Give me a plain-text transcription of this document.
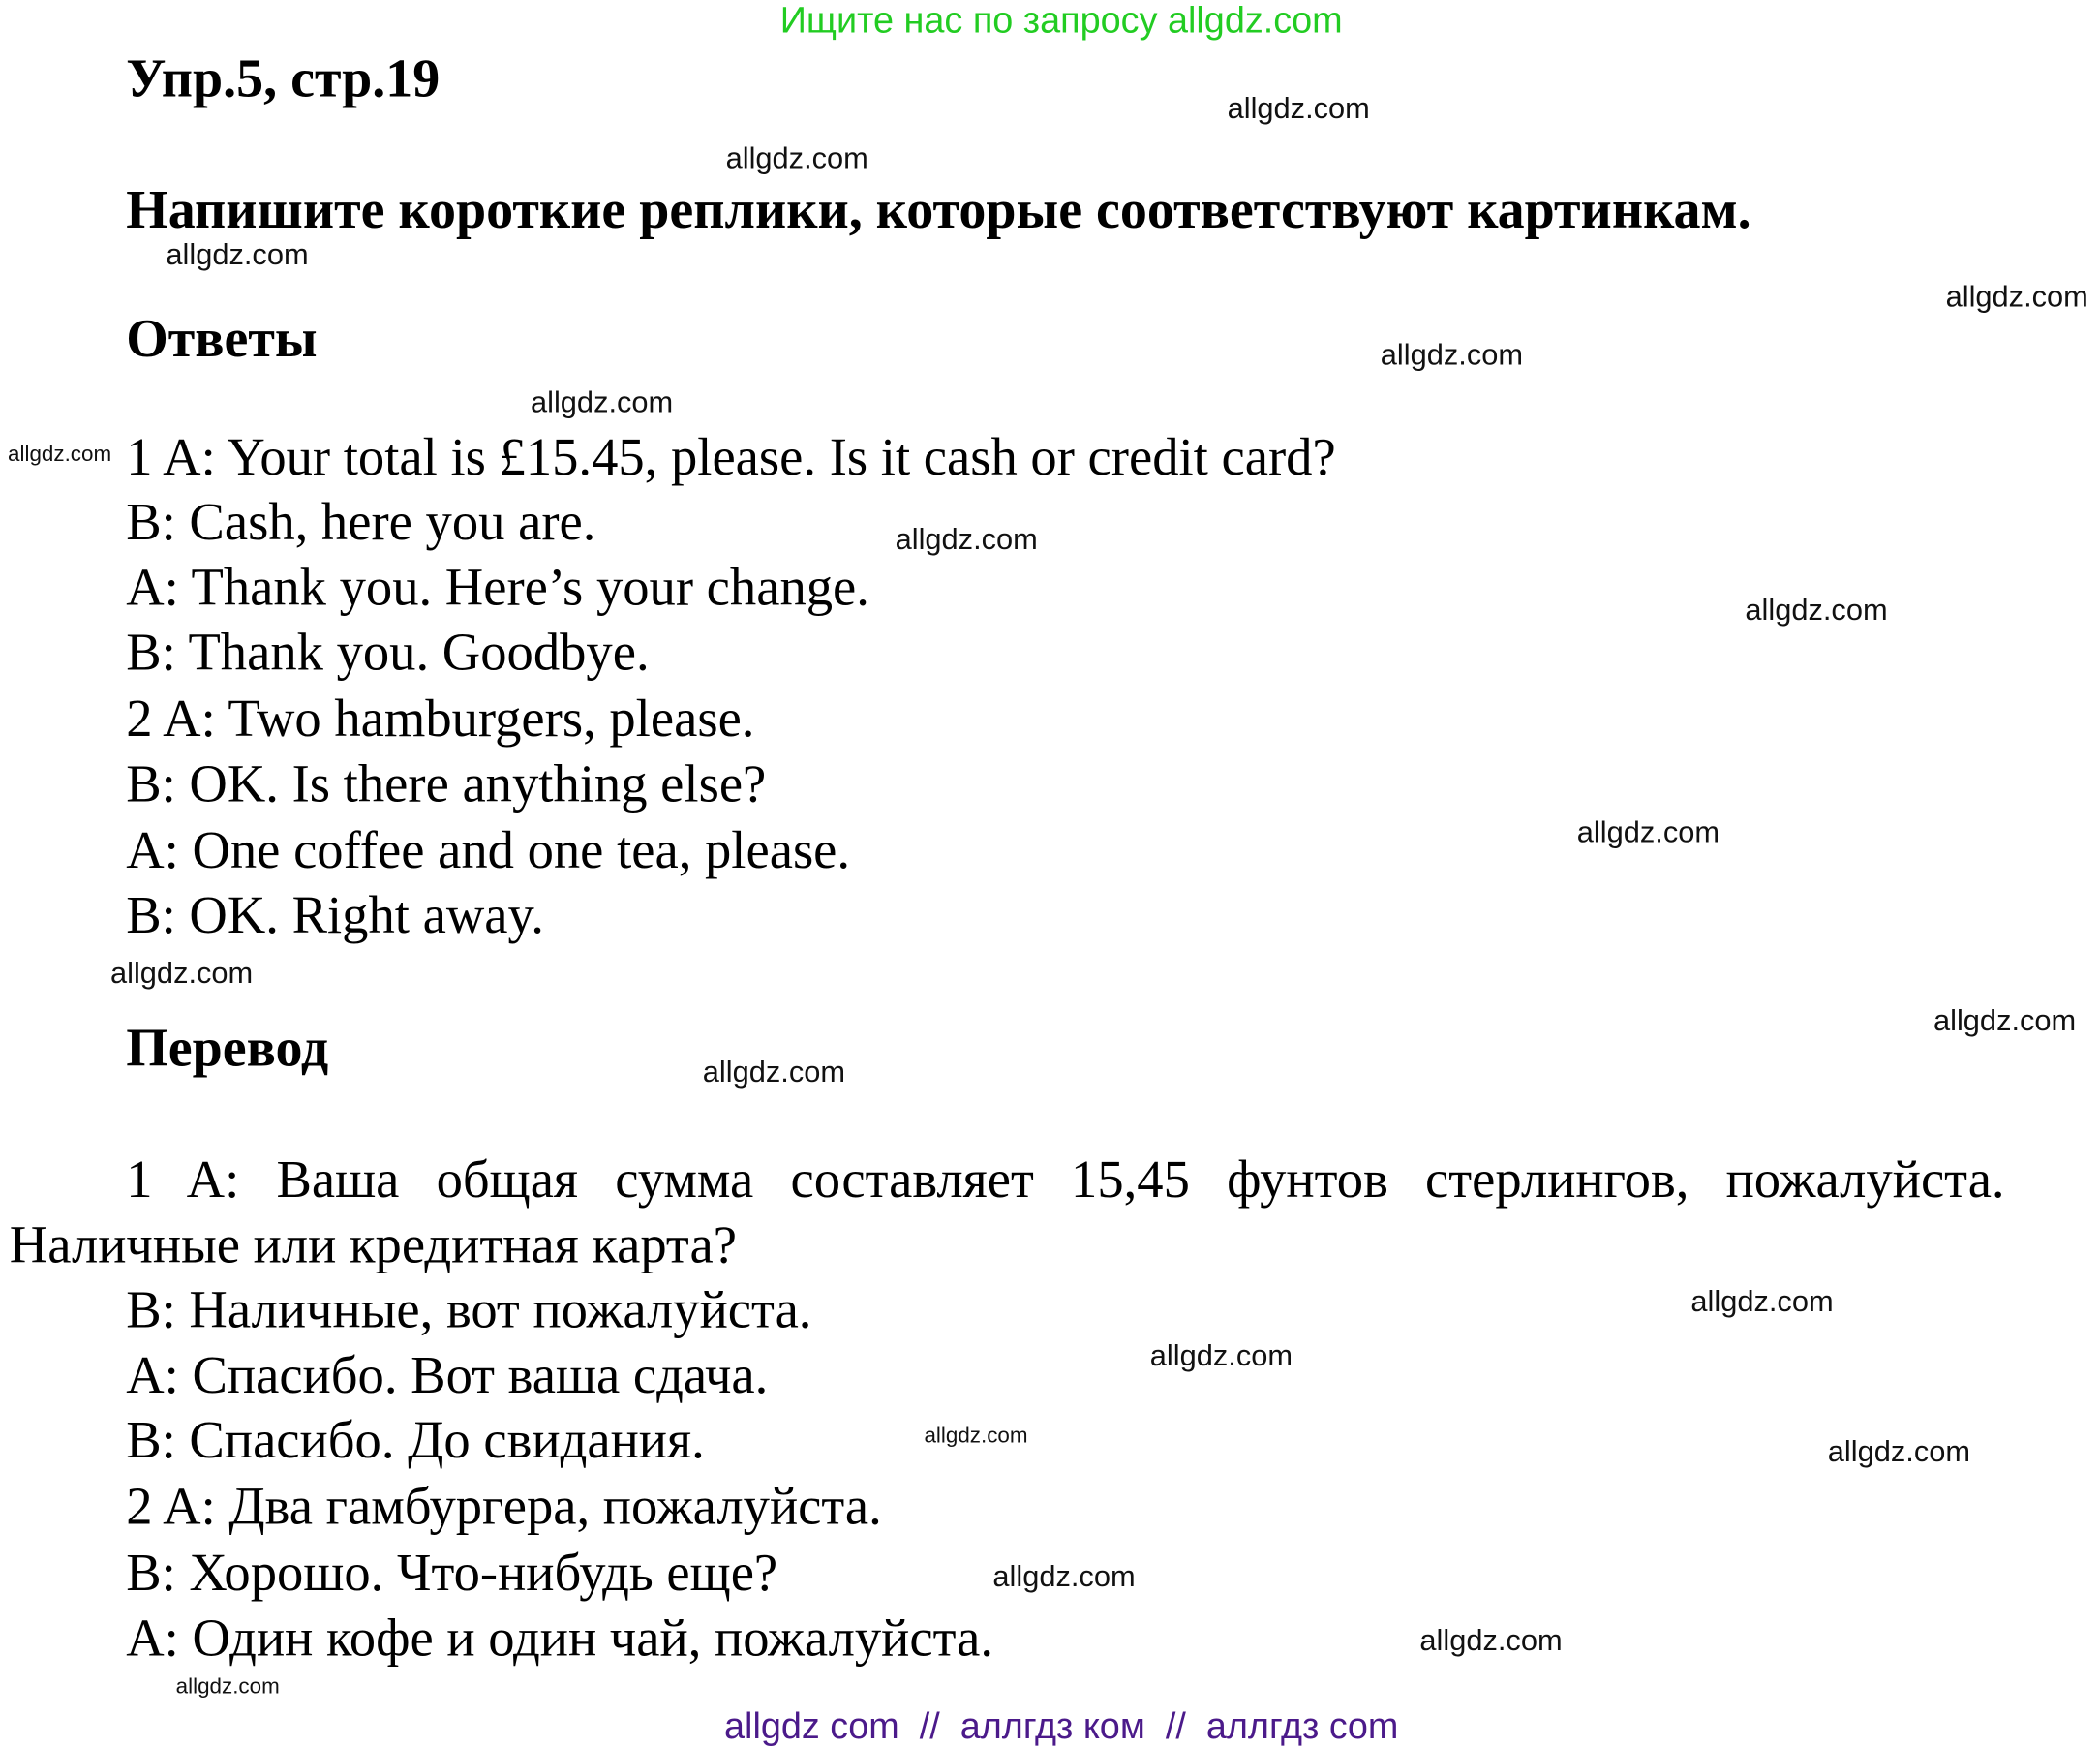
Ищите нас по запросу allgdz.com
Упр.5, стр.19
Напишите короткие реплики, которые соответствуют картинкам.
Ответы
1 A: Your total is £15.45, please. Is it cash or credit card?
B: Cash, here you are.
A: Thank you. Here’s your change.
B: Thank you. Goodbye.
2 A: Two hamburgers, please.
B: OK. Is there anything else?
A: One coffee and one tea, please.
B: OK. Right away.
Перевод
1 A: Ваша общая сумма составляет 15,45 фунтов стерлингов, пожалуйста. Наличные или кредитная карта?
B: Наличные, вот пожалуйста.
A: Спасибо. Вот ваша сдача.
B: Спасибо. До свидания.
2 A: Два гамбургера, пожалуйста.
B: Хорошо. Что-нибудь еще?
A: Один кофе и один чай, пожалуйста.
allgdz.com
allgdz.com
allgdz.com
allgdz.com
allgdz.com
allgdz.com
allgdz.com
allgdz.com
allgdz.com
allgdz.com
allgdz.com
allgdz.com
allgdz.com
allgdz.com
allgdz.com
allgdz.com	allgdz.com
allgdz.com
allgdz.com
allgdz.com
allgdz com  //  аллгдз ком  //  аллгдз com
